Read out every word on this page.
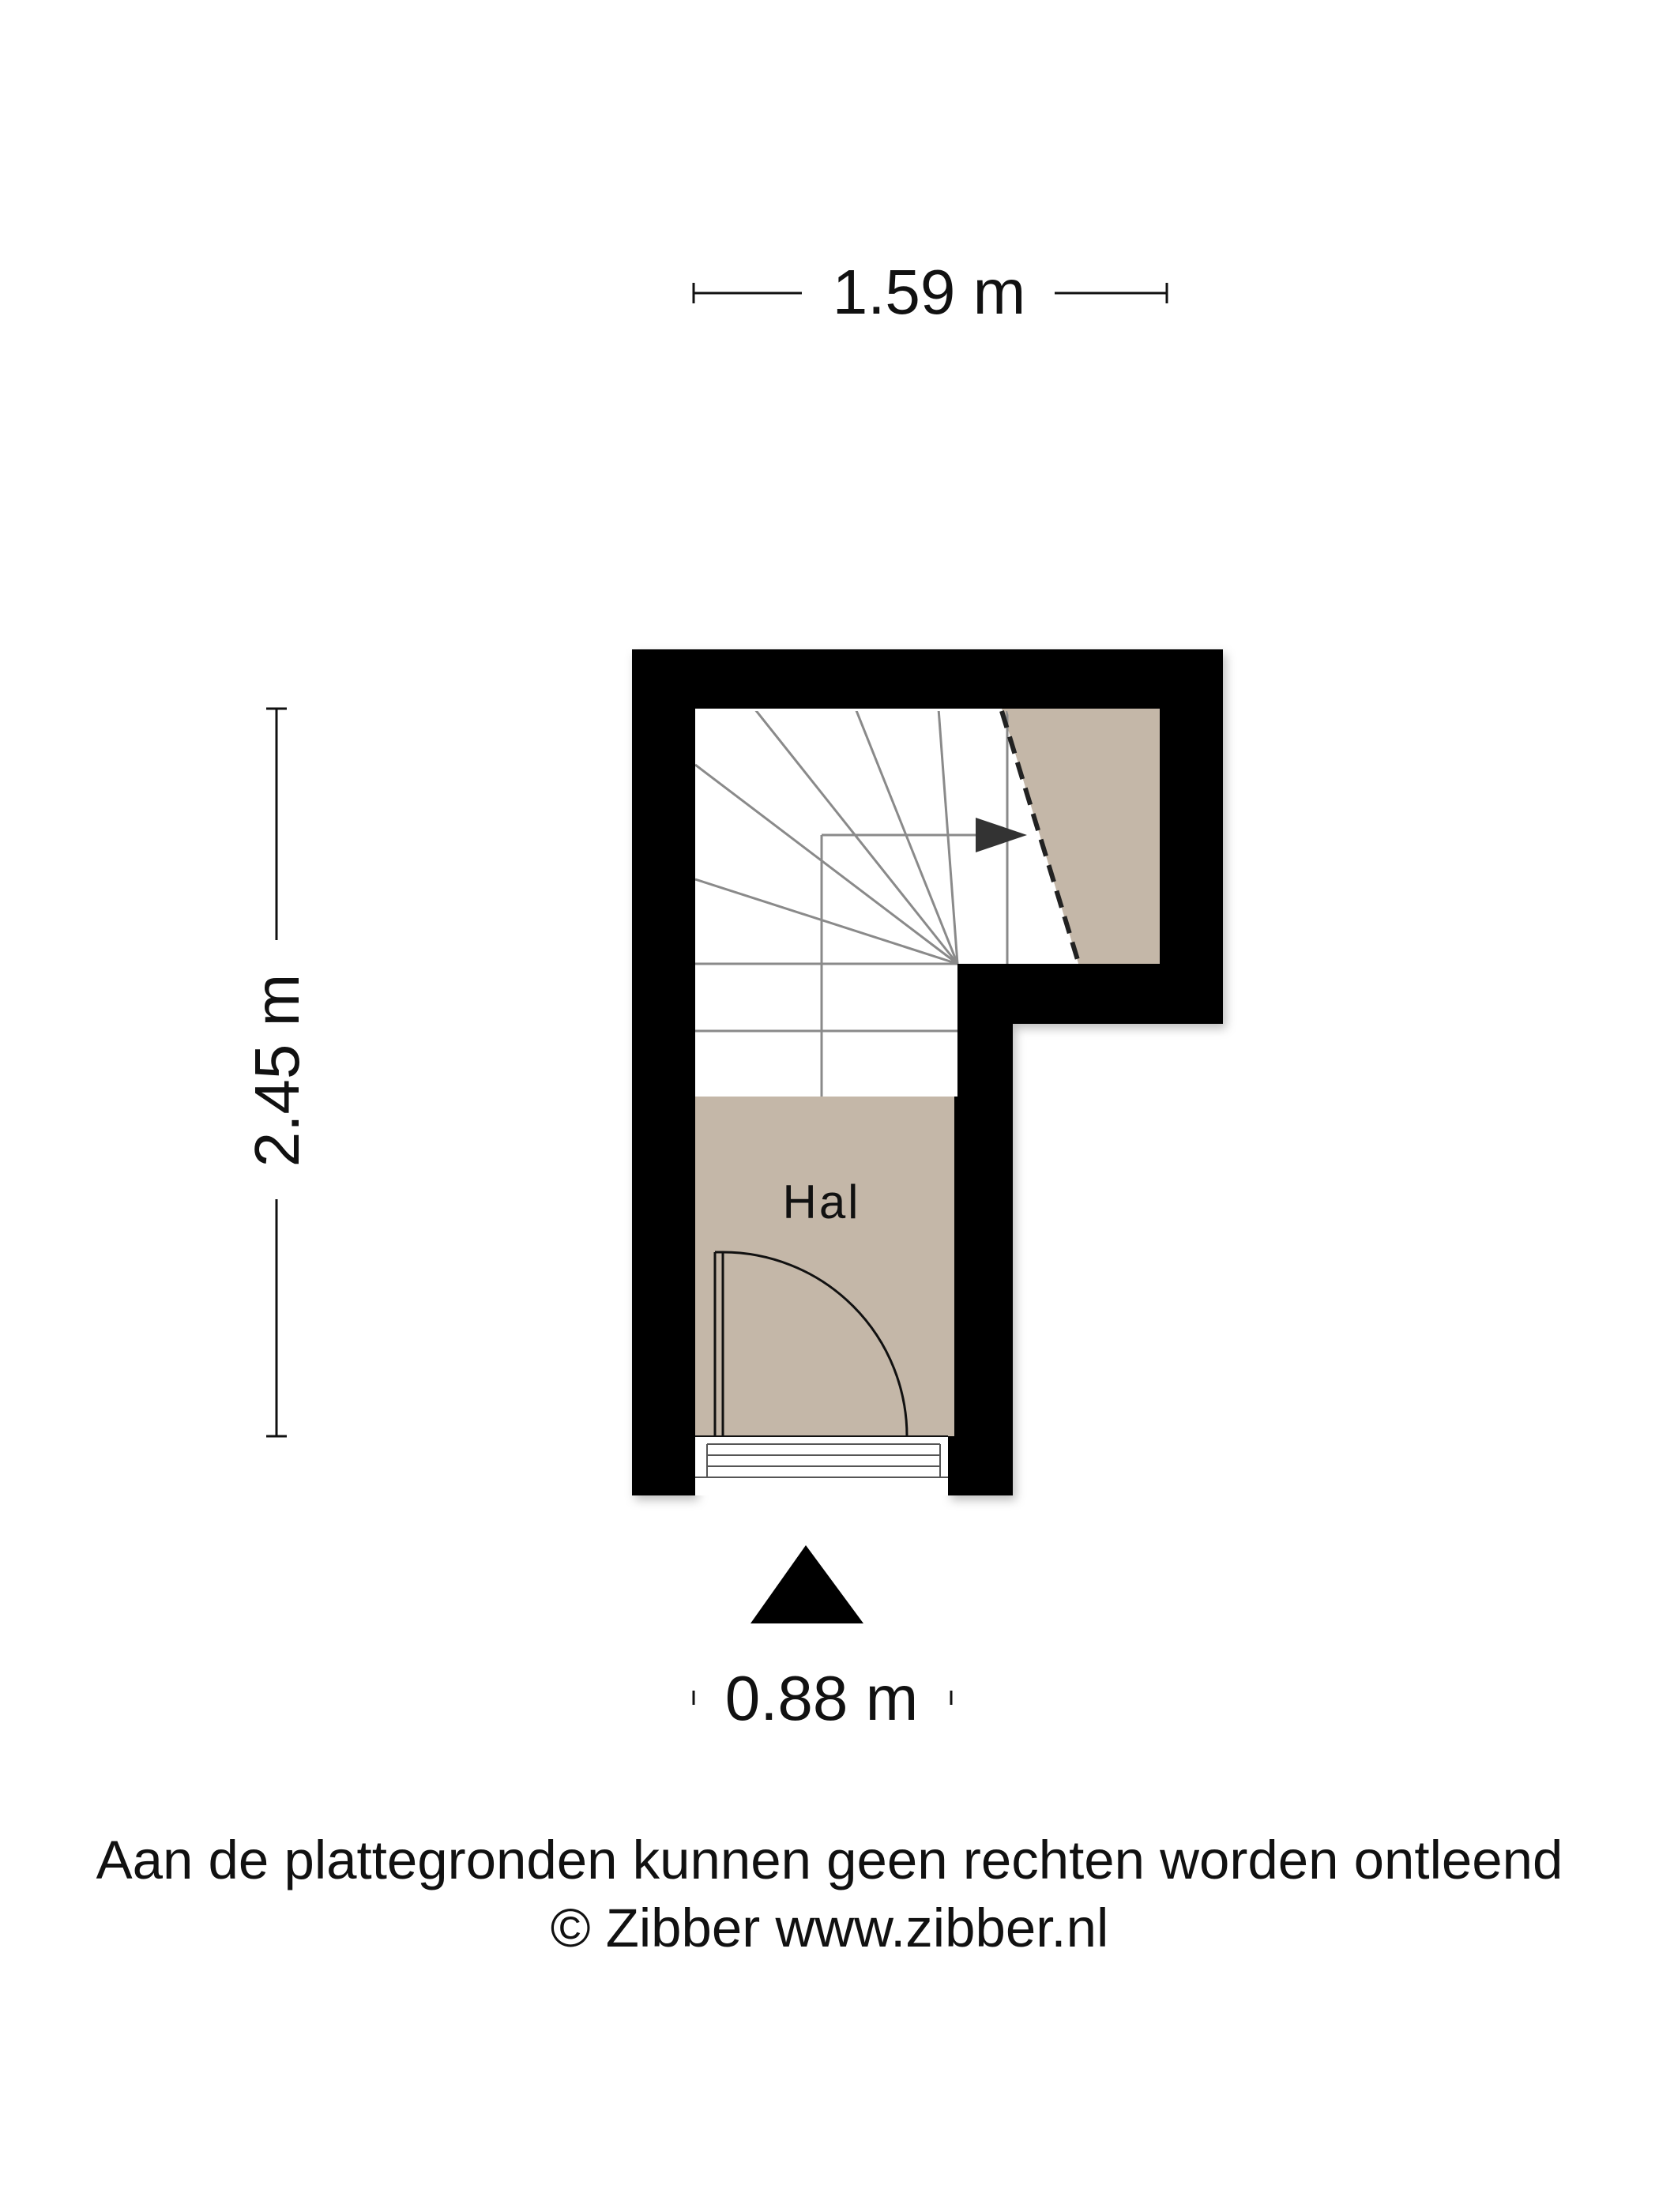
1.59 m
2.45 m
Hal
0.88 m
Aan de plattegronden kunnen geen rechten worden ontleend
© Zibber www.zibber.nl
